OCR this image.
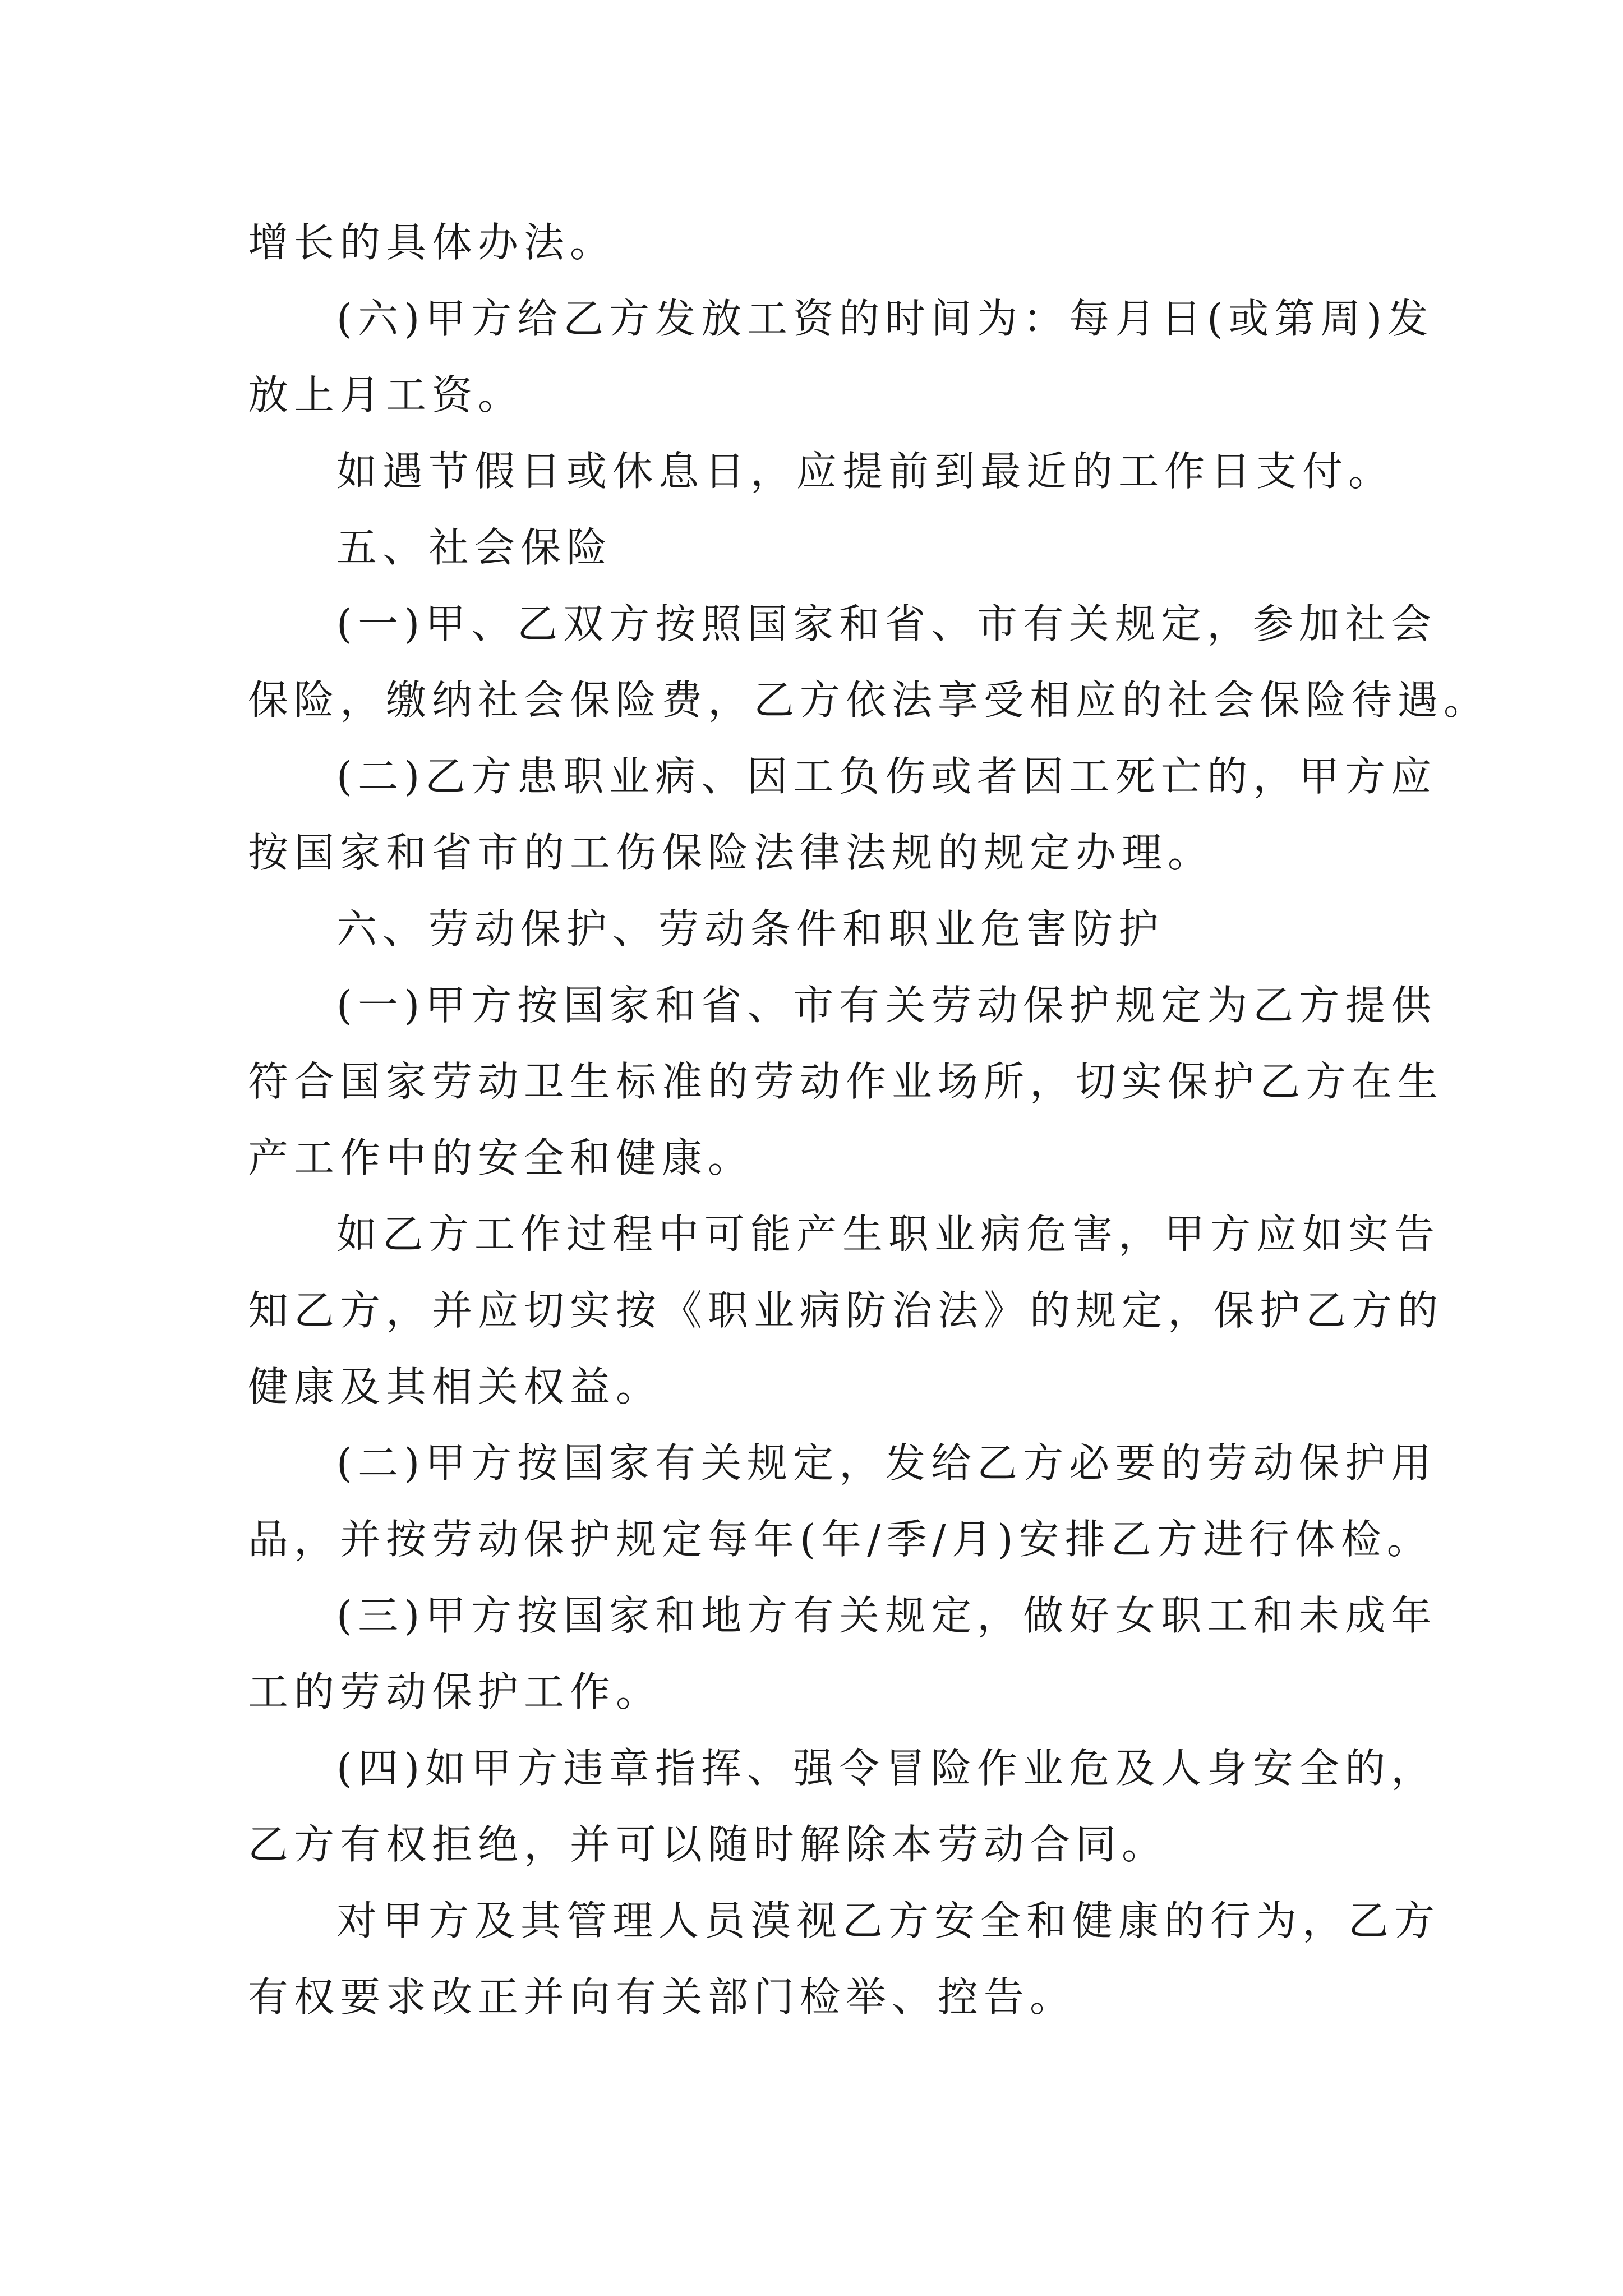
增长的具体办法。
(六)甲方给乙方发放工资的时间为：每月日(或第周)发
放上月工资。
如遇节假日或休息日，应提前到最近的工作日支付。
五、社会保险
(一)甲、乙双方按照国家和省、市有关规定，参加社会
保险，缴纳社会保险费，乙方依法享受相应的社会保险待遇。
(二)乙方患职业病、因工负伤或者因工死亡的，甲方应
按国家和省市的工伤保险法律法规的规定办理。
六、劳动保护、劳动条件和职业危害防护
(一)甲方按国家和省、市有关劳动保护规定为乙方提供
符合国家劳动卫生标准的劳动作业场所，切实保护乙方在生
产工作中的安全和健康。
如乙方工作过程中可能产生职业病危害，甲方应如实告
知乙方，并应切实按《职业病防治法》的规定，保护乙方的
健康及其相关权益。
(二)甲方按国家有关规定，发给乙方必要的劳动保护用
品，并按劳动保护规定每年(年/季/月)安排乙方进行体检。
(三)甲方按国家和地方有关规定，做好女职工和未成年
工的劳动保护工作。
(四)如甲方违章指挥、强令冒险作业危及人身安全的，
乙方有权拒绝，并可以随时解除本劳动合同。
对甲方及其管理人员漠视乙方安全和健康的行为，乙方
有权要求改正并向有关部门检举、控告。
